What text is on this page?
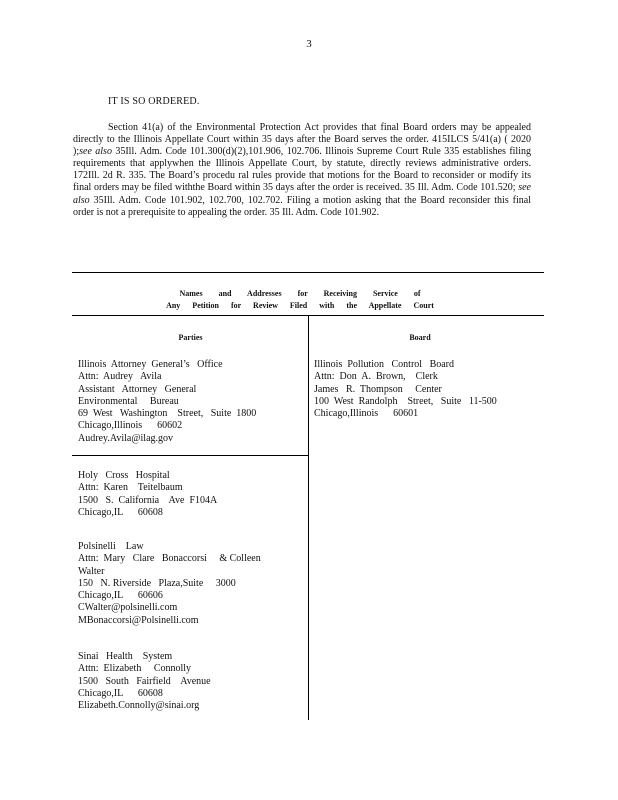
3
IT IS SO ORDERED.
Section 41(a) of the Environmental Protection Act provides that final Board orders may be appealed directly to the Illinois Appellate Court within 35 days after the Board serves the order. 415ILCS 5/41(a) ( 2020 );see also 35Ill. Adm. Code 101.300(d)(2),101.906, 102.706. Illinois Supreme Court Rule 335 establishes filing requirements that applywhen the Illinois Appellate Court, by statute, directly reviews administrative orders. 172Ill. 2d R. 335. The Board’s procedu ral rules provide that motions for the Board to reconsider or modify its final orders may be filed withthe Board within 35 days after the order is received. 35 Ill. Adm. Code 101.520; see also 35Ill. Adm. Code 101.902, 102.700, 102.702. Filing a motion asking that the Board reconsider this final order is not a prerequisite to appealing the order. 35 Ill. Adm. Code 101.902.
Names and Addresses for Receiving Service of
Any Petition for Review Filed with the Appellate Court
Parties	Board
Illinois  Attorney  General’s   Office
Attn:  Audrey   Avila
Assistant   Attorney   General
Environmental     Bureau
69  West   Washington    Street,   Suite  1800
Chicago,Illinois      60602
Audrey.Avila@ilag.gov
Holy   Cross   Hospital
Attn:  Karen    Teitelbaum
1500   S.  California    Ave  F104A
Chicago,IL      60608
Polsinelli    Law
Attn:  Mary   Clare   Bonaccorsi     & Colleen
Walter
150   N. Riverside   Plaza,Suite     3000
Chicago,IL      60606
CWalter@polsinelli.com
MBonaccorsi@Polsinelli.com
Sinai   Health    System
Attn:  Elizabeth     Connolly
1500   South   Fairfield    Avenue
Chicago,IL      60608
Elizabeth.Connolly@sinai.org
Illinois  Pollution   Control   Board
Attn:  Don  A.  Brown,    Clerk
James   R.  Thompson     Center
100  West  Randolph    Street,   Suite   11-500
Chicago,Illinois      60601
